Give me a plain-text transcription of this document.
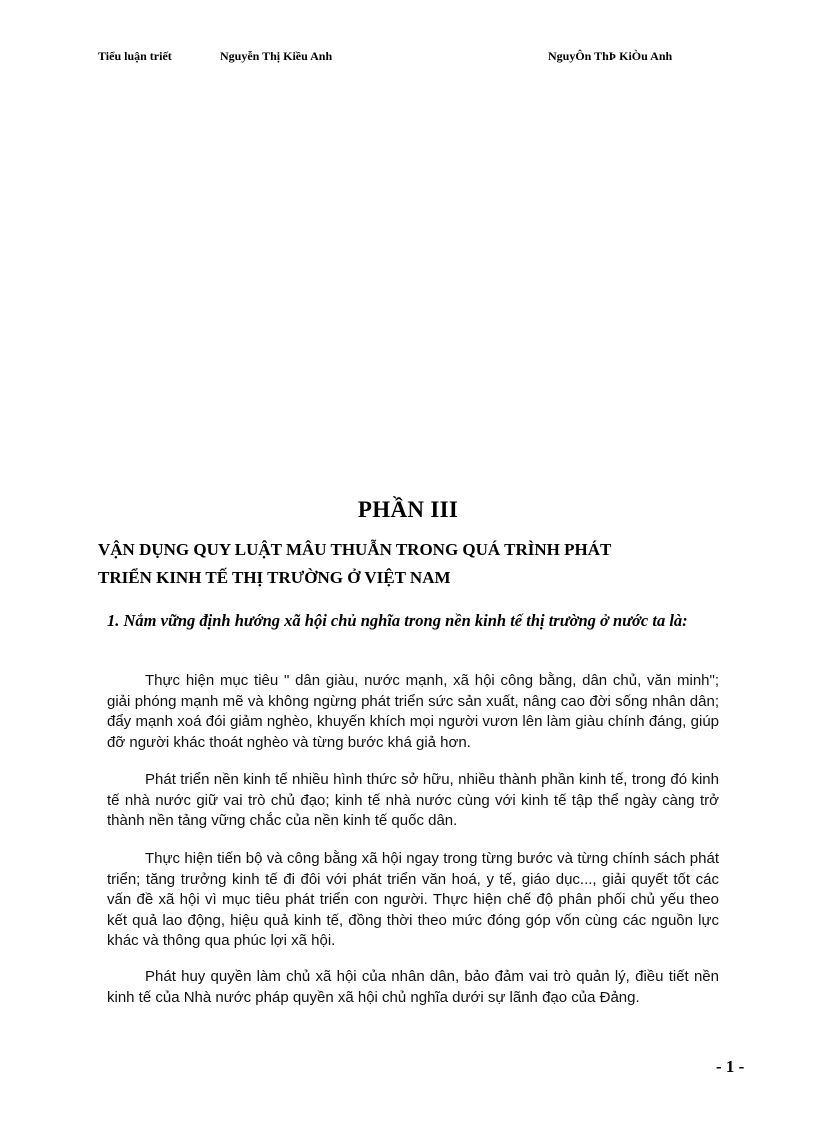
Tiểu luận triết	Nguyễn Thị Kiều Anh	NguyÔn ThÞ KiÒu Anh
PHẦN III
VẬN DỤNG QUY LUẬT MÂU THUẪN TRONG QUÁ TRÌNH PHÁT
TRIỂN KINH TẾ THỊ TRƯỜNG Ở VIỆT NAM
1. Nắm vững định hướng xã hội chủ nghĩa trong nền kinh tế thị trường ở nước ta là:
Thực hiện mục tiêu " dân giàu, nước mạnh, xã hội công bằng, dân chủ, văn minh"; giải phóng mạnh mẽ và không ngừng phát triển sức sản xuất, nâng cao đời sống nhân dân; đẩy mạnh xoá đói giảm nghèo, khuyến khích mọi người vươn lên làm giàu chính đáng, giúp đỡ người khác thoát nghèo và từng bước khá giả hơn.
Phát triển nền kinh tế nhiều hình thức sở hữu, nhiều thành phần kinh tế, trong đó kinh tế nhà nước giữ vai trò chủ đạo; kinh tế nhà nước cùng với kinh tế tập thể ngày càng trở thành nền tảng vững chắc của nền kinh tế quốc dân.
Thực hiện tiến bộ và công bằng xã hội ngay trong từng bước và từng chính sách phát triển; tăng trưởng kinh tế đi đôi với phát triển văn hoá, y tế, giáo dục..., giải quyết tốt các vấn đề xã hội vì mục tiêu phát triển con người. Thực hiện chế độ phân phối chủ yếu theo kết quả lao động, hiệu quả kinh tế, đồng thời theo mức đóng góp vốn cùng các nguồn lực khác và thông qua phúc lợi xã hội.
Phát huy quyền làm chủ xã hội của nhân dân, bảo đảm vai trò quản lý, điều tiết nền kinh tế của Nhà nước pháp quyền xã hội chủ nghĩa dưới sự lãnh đạo của Đảng.
- 1 -
